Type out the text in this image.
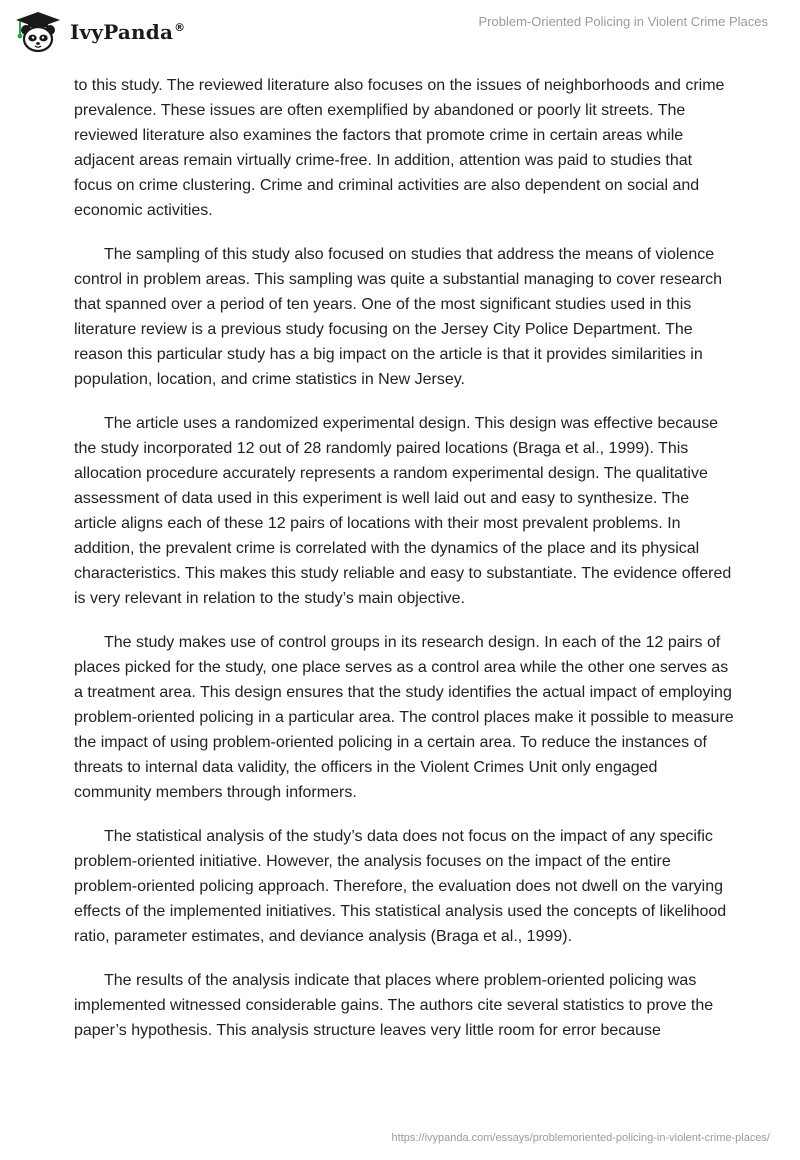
IvyPanda®	Problem-Oriented Policing in Violent Crime Places

to this study. The reviewed literature also focuses on the issues of neighborhoods and crime prevalence. These issues are often exemplified by abandoned or poorly lit streets. The reviewed literature also examines the factors that promote crime in certain areas while adjacent areas remain virtually crime-free. In addition, attention was paid to studies that focus on crime clustering. Crime and criminal activities are also dependent on social and economic activities.

The sampling of this study also focused on studies that address the means of violence control in problem areas. This sampling was quite a substantial managing to cover research that spanned over a period of ten years. One of the most significant studies used in this literature review is a previous study focusing on the Jersey City Police Department. The reason this particular study has a big impact on the article is that it provides similarities in population, location, and crime statistics in New Jersey.

The article uses a randomized experimental design. This design was effective because the study incorporated 12 out of 28 randomly paired locations (Braga et al., 1999). This allocation procedure accurately represents a random experimental design. The qualitative assessment of data used in this experiment is well laid out and easy to synthesize. The article aligns each of these 12 pairs of locations with their most prevalent problems. In addition, the prevalent crime is correlated with the dynamics of the place and its physical characteristics. This makes this study reliable and easy to substantiate. The evidence offered is very relevant in relation to the study’s main objective.

The study makes use of control groups in its research design. In each of the 12 pairs of places picked for the study, one place serves as a control area while the other one serves as a treatment area. This design ensures that the study identifies the actual impact of employing problem-oriented policing in a particular area. The control places make it possible to measure the impact of using problem-oriented policing in a certain area. To reduce the instances of threats to internal data validity, the officers in the Violent Crimes Unit only engaged community members through informers.

The statistical analysis of the study’s data does not focus on the impact of any specific problem-oriented initiative. However, the analysis focuses on the impact of the entire problem-oriented policing approach. Therefore, the evaluation does not dwell on the varying effects of the implemented initiatives. This statistical analysis used the concepts of likelihood ratio, parameter estimates, and deviance analysis (Braga et al., 1999).

The results of the analysis indicate that places where problem-oriented policing was implemented witnessed considerable gains. The authors cite several statistics to prove the paper’s hypothesis. This analysis structure leaves very little room for error because

https://ivypanda.com/essays/problemoriented-policing-in-violent-crime-places/
